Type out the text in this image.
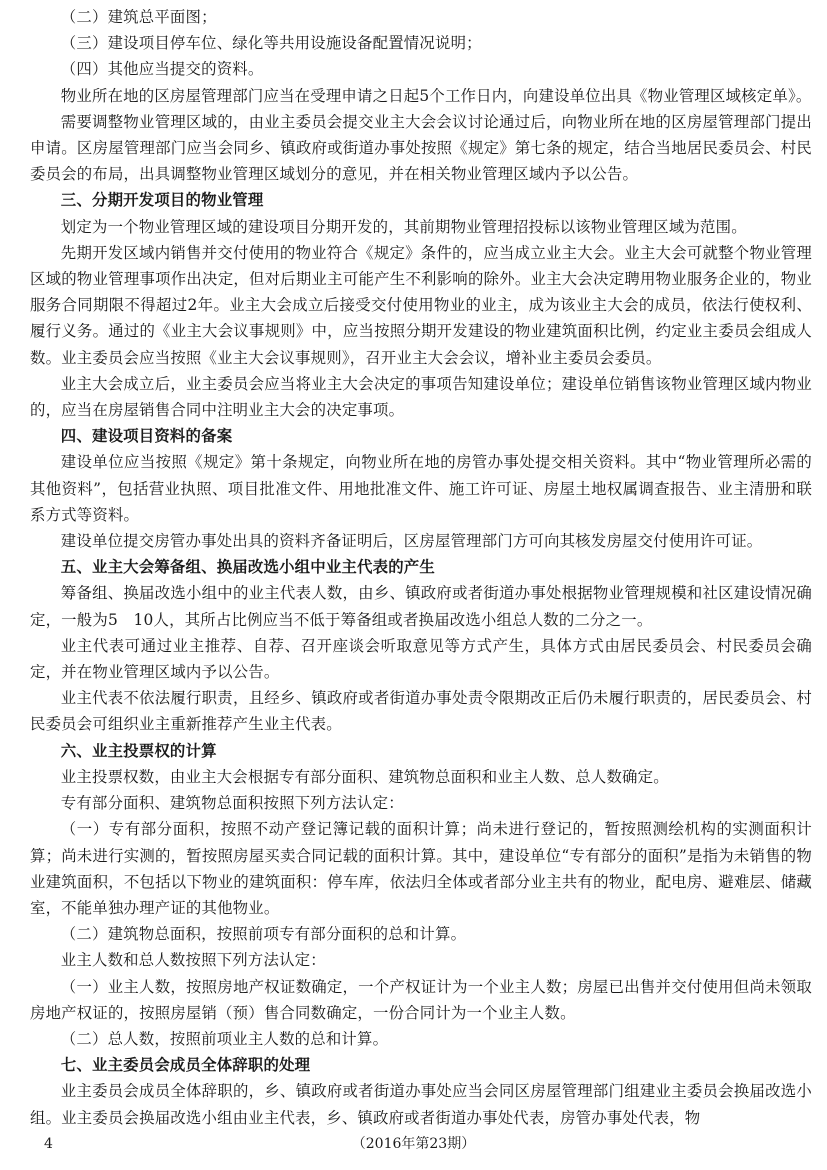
（二）建筑总平面图；

（三）建设项目停车位、绿化等共用设施设备配置情况说明；

（四）其他应当提交的资料。

物业所在地的区房屋管理部门应当在受理申请之日起5个工作日内，向建设单位出具《物业管理区域核定单》。

需要调整物业管理区域的，由业主委员会提交业主大会会议讨论通过后，向物业所在地的区房屋管理部门提出申请。区房屋管理部门应当会同乡、镇政府或街道办事处按照《规定》第七条的规定，结合当地居民委员会、村民委员会的布局，出具调整物业管理区域划分的意见，并在相关物业管理区域内予以公告。

三、分期开发项目的物业管理

划定为一个物业管理区域的建设项目分期开发的，其前期物业管理招投标以该物业管理区域为范围。

先期开发区域内销售并交付使用的物业符合《规定》条件的，应当成立业主大会。业主大会可就整个物业管理区域的物业管理事项作出决定，但对后期业主可能产生不利影响的除外。业主大会决定聘用物业服务企业的，物业服务合同期限不得超过2年。业主大会成立后接受交付使用物业的业主，成为该业主大会的成员，依法行使权利、履行义务。通过的《业主大会议事规则》中，应当按照分期开发建设的物业建筑面积比例，约定业主委员会组成人数。业主委员会应当按照《业主大会议事规则》，召开业主大会会议，增补业主委员会委员。

业主大会成立后，业主委员会应当将业主大会决定的事项告知建设单位；建设单位销售该物业管理区域内物业的，应当在房屋销售合同中注明业主大会的决定事项。

四、建设项目资料的备案

建设单位应当按照《规定》第十条规定，向物业所在地的房管办事处提交相关资料。其中“物业管理所必需的其他资料”，包括营业执照、项目批准文件、用地批准文件、施工许可证、房屋土地权属调查报告、业主清册和联系方式等资料。

建设单位提交房管办事处出具的资料齐备证明后，区房屋管理部门方可向其核发房屋交付使用许可证。

五、业主大会筹备组、换届改选小组中业主代表的产生

筹备组、换届改选小组中的业主代表人数，由乡、镇政府或者街道办事处根据物业管理规模和社区建设情况确定，一般为5　10人，其所占比例应当不低于筹备组或者换届改选小组总人数的二分之一。

业主代表可通过业主推荐、自荐、召开座谈会听取意见等方式产生，具体方式由居民委员会、村民委员会确定，并在物业管理区域内予以公告。

业主代表不依法履行职责，且经乡、镇政府或者街道办事处责令限期改正后仍未履行职责的，居民委员会、村民委员会可组织业主重新推荐产生业主代表。

六、业主投票权的计算

业主投票权数，由业主大会根据专有部分面积、建筑物总面积和业主人数、总人数确定。

专有部分面积、建筑物总面积按照下列方法认定：

（一）专有部分面积，按照不动产登记簿记载的面积计算；尚未进行登记的，暂按照测绘机构的实测面积计算；尚未进行实测的，暂按照房屋买卖合同记载的面积计算。其中，建设单位“专有部分的面积”是指为未销售的物业建筑面积，不包括以下物业的建筑面积：停车库，依法归全体或者部分业主共有的物业，配电房、避难层、储藏室，不能单独办理产证的其他物业。

（二）建筑物总面积，按照前项专有部分面积的总和计算。

业主人数和总人数按照下列方法认定：

（一）业主人数，按照房地产权证数确定，一个产权证计为一个业主人数；房屋已出售并交付使用但尚未领取房地产权证的，按照房屋销（预）售合同数确定，一份合同计为一个业主人数。

（二）总人数，按照前项业主人数的总和计算。

七、业主委员会成员全体辞职的处理

业主委员会成员全体辞职的，乡、镇政府或者街道办事处应当会同区房屋管理部门组建业主委员会换届改选小组。业主委员会换届改选小组由业主代表，乡、镇政府或者街道办事处代表，房管办事处代表，物

4	（2016年第23期）
